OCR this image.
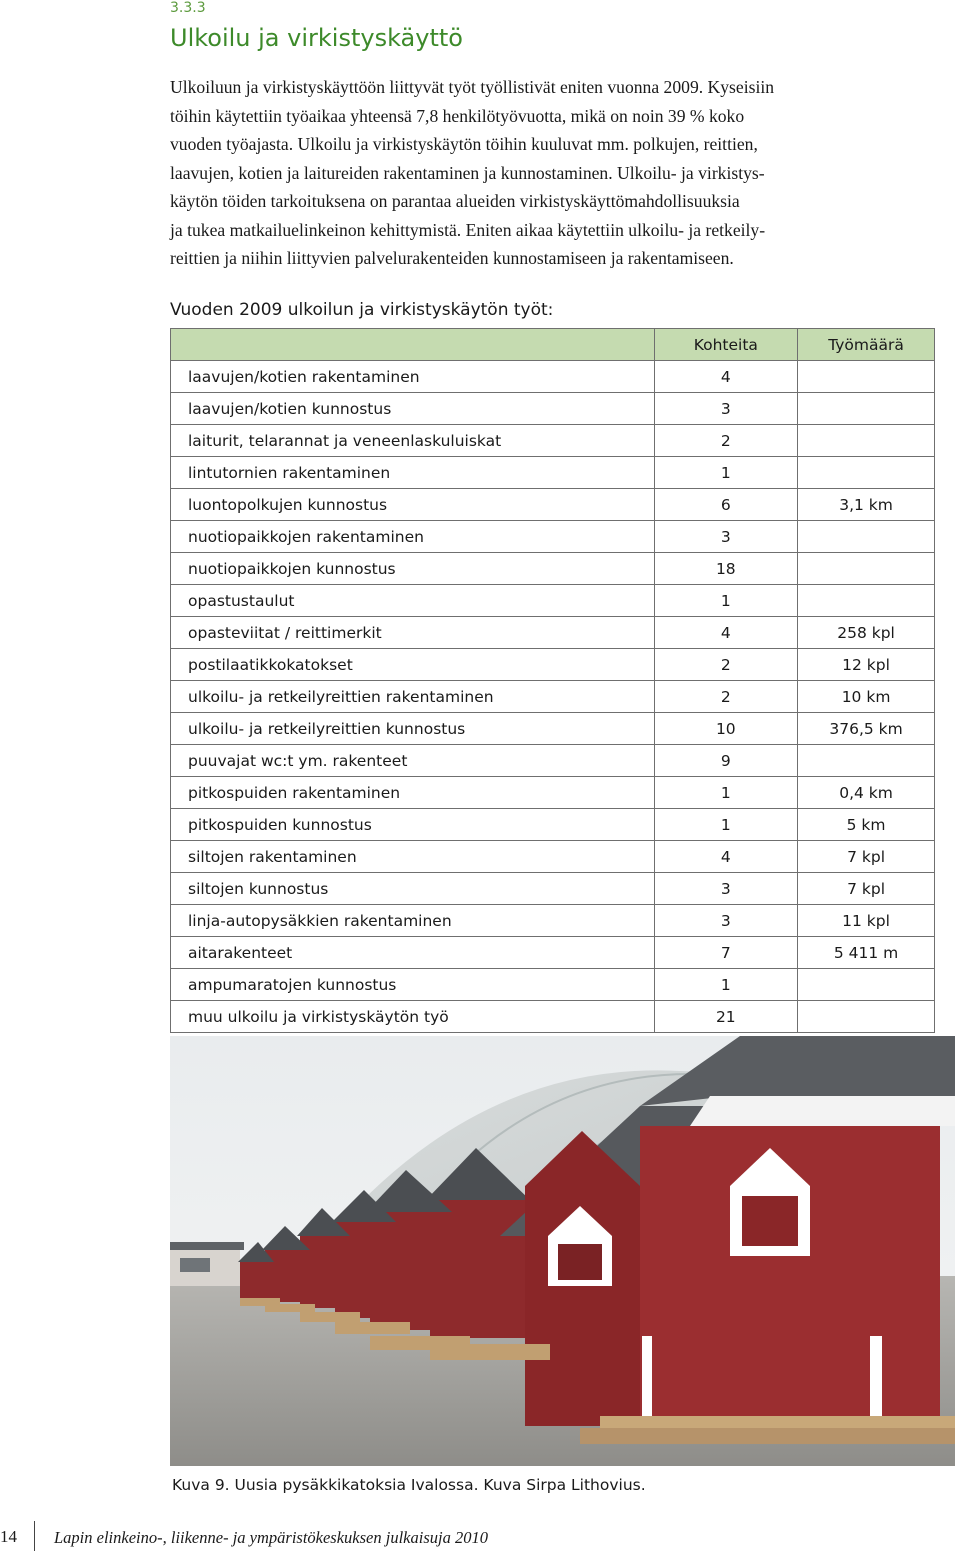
3.3.3
Ulkoilu ja virkistyskäyttö

Ulkoiluun ja virkistyskäyttöön liittyvät työt työllistivät eniten vuonna 2009. Kyseisiin
töihin käytettiin työaikaa yhteensä 7,8 henkilötyövuotta, mikä on noin 39 % koko
vuoden työajasta. Ulkoilu ja virkistyskäytön töihin kuuluvat mm. polkujen, reittien,
laavujen, kotien ja laitureiden rakentaminen ja kunnostaminen. Ulkoilu- ja virkistys-
käytön töiden tarkoituksena on parantaa alueiden virkistyskäyttömahdollisuuksia
ja tukea matkailuelinkeinon kehittymistä. Eniten aikaa käytettiin ulkoilu- ja retkeily-
reittien ja niihin liittyvien palvelurakenteiden kunnostamiseen ja rakentamiseen.

Vuoden 2009 ulkoilun ja virkistyskäytön työt:

	Kohteita	Työmäärä
laavujen/kotien rakentaminen	4	
laavujen/kotien kunnostus	3	
laiturit, telarannat ja veneenlaskuluiskat	2	
lintutornien rakentaminen	1	
luontopolkujen kunnostus	6	3,1 km
nuotiopaikkojen rakentaminen	3	
nuotiopaikkojen kunnostus	18	
opastustaulut	1	
opasteviitat / reittimerkit	4	258 kpl
postilaatikkokatokset	2	12 kpl
ulkoilu- ja retkeilyreittien rakentaminen	2	10 km
ulkoilu- ja retkeilyreittien kunnostus	10	376,5 km
puuvajat wc:t ym. rakenteet	9	
pitkospuiden rakentaminen	1	0,4 km
pitkospuiden kunnostus	1	5 km
siltojen rakentaminen	4	7 kpl
siltojen kunnostus	3	7 kpl
linja-autopysäkkien rakentaminen	3	11 kpl
aitarakenteet	7	5 411 m
ampumaratojen kunnostus	1	
muu ulkoilu ja virkistyskäytön työ	21	

Kuva 9. Uusia pysäkkikatoksia Ivalossa. Kuva Sirpa Lithovius.

14 Lapin elinkeino-, liikenne- ja ympäristökeskuksen julkaisuja 2010
